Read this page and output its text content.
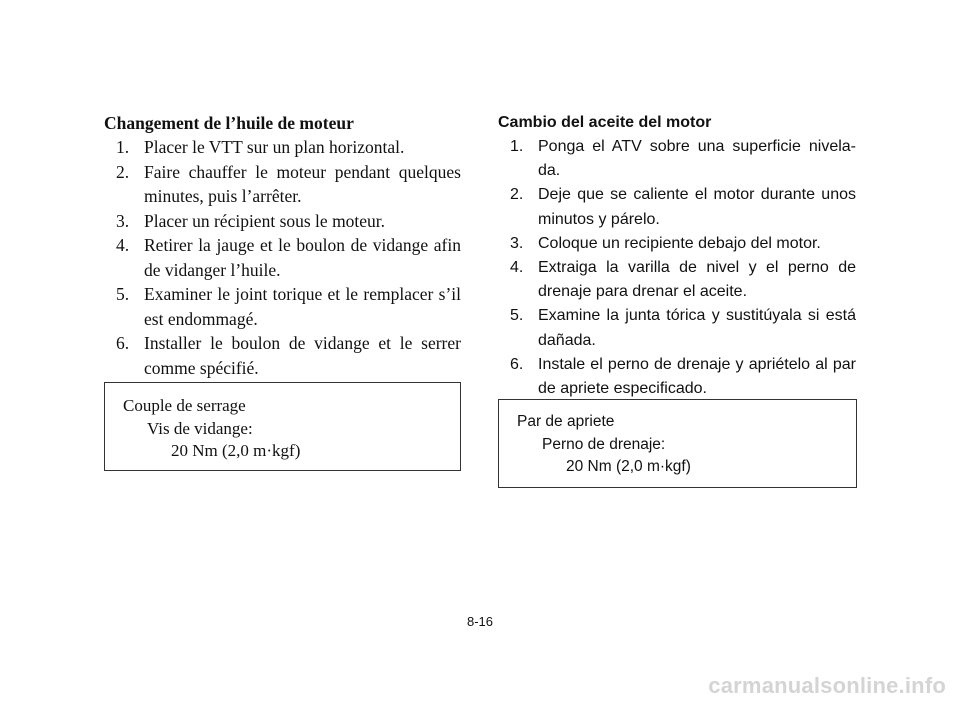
Changement de l’huile de moteur
1. Placer le VTT sur un plan horizontal.
2. Faire chauffer le moteur pendant quelques minutes, puis l’arrêter.
3. Placer un récipient sous le moteur.
4. Retirer la jauge et le boulon de vidange afin de vidanger l’huile.
5. Examiner le joint torique et le remplacer s’il est endommagé.
6. Installer le boulon de vidange et le serrer comme spécifié.
Cambio del aceite del motor
1. Ponga el ATV sobre una superficie nivela-da.
2. Deje que se caliente el motor durante unos minutos y párelo.
3. Coloque un recipiente debajo del motor.
4. Extraiga la varilla de nivel y el perno de drenaje para drenar el aceite.
5. Examine la junta tórica y sustitúyala si está dañada.
6. Instale el perno de drenaje y apriételo al par de apriete especificado.
Couple de serrage
Vis de vidange:
20 Nm (2,0 m·kgf)
Par de apriete
Perno de drenaje:
20 Nm (2,0 m·kgf)
8-16
carmanualsonline.info
